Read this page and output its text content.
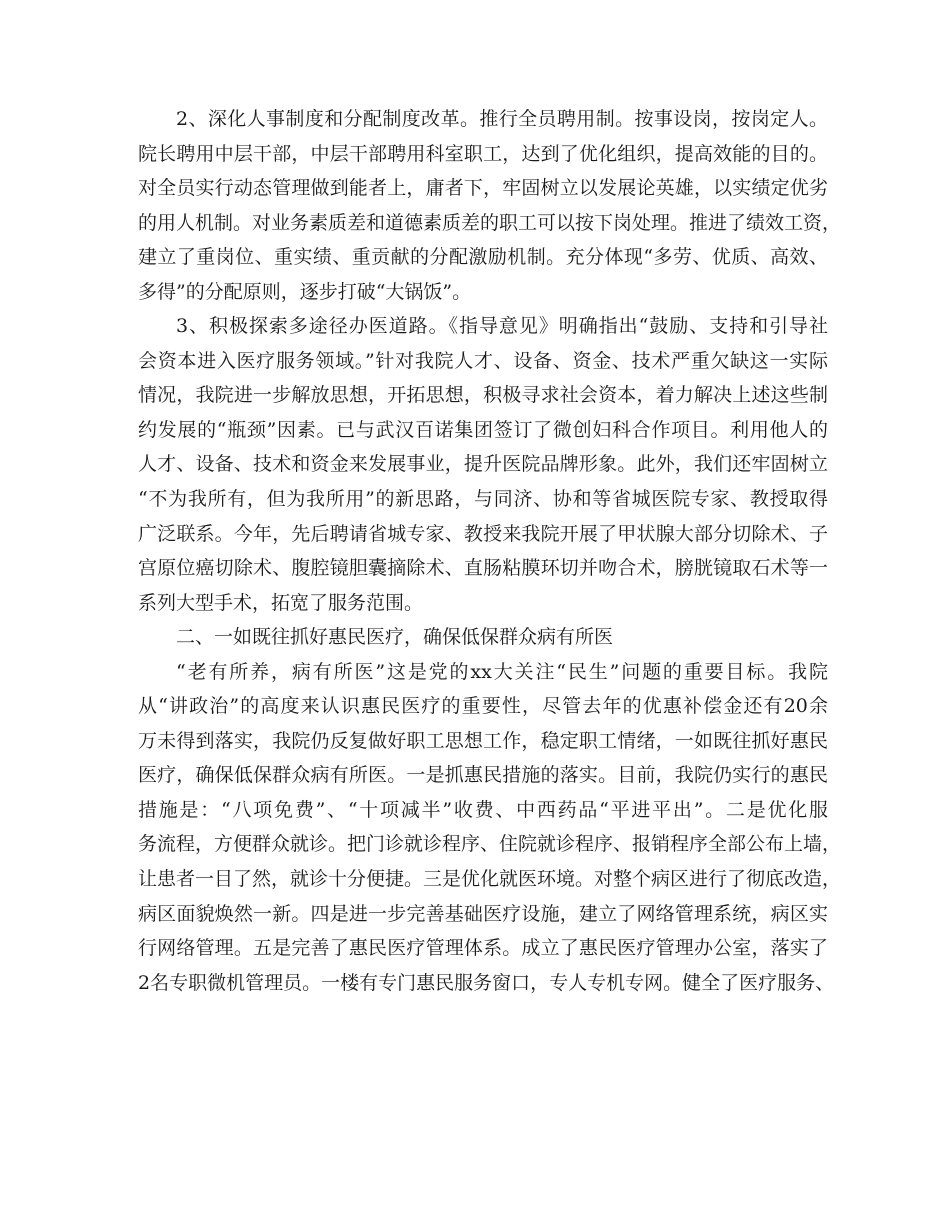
2、深化人事制度和分配制度改革。推行全员聘用制。按事设岗，按岗定人。
院长聘用中层干部，中层干部聘用科室职工，达到了优化组织，提高效能的目的。
对全员实行动态管理做到能者上，庸者下，牢固树立以发展论英雄，以实绩定优劣
的用人机制。对业务素质差和道德素质差的职工可以按下岗处理。推进了绩效工资，
建立了重岗位、重实绩、重贡献的分配激励机制。充分体现“多劳、优质、高效、
多得”的分配原则，逐步打破“大锅饭”。
3、积极探索多途径办医道路。《指导意见》明确指出“鼓励、支持和引导社
会资本进入医疗服务领域。”针对我院人才、设备、资金、技术严重欠缺这一实际
情况，我院进一步解放思想，开拓思想，积极寻求社会资本，着力解决上述这些制
约发展的“瓶颈”因素。已与武汉百诺集团签订了微创妇科合作项目。利用他人的
人才、设备、技术和资金来发展事业，提升医院品牌形象。此外，我们还牢固树立
“不为我所有，但为我所用”的新思路，与同济、协和等省城医院专家、教授取得
广泛联系。今年，先后聘请省城专家、教授来我院开展了甲状腺大部分切除术、子
宫原位癌切除术、腹腔镜胆囊摘除术、直肠粘膜环切并吻合术，膀胱镜取石术等一
系列大型手术，拓宽了服务范围。
二、一如既往抓好惠民医疗，确保低保群众病有所医
“老有所养，病有所医”这是党的xx大关注“民生”问题的重要目标。我院
从“讲政治”的高度来认识惠民医疗的重要性，尽管去年的优惠补偿金还有20余
万未得到落实，我院仍反复做好职工思想工作，稳定职工情绪，一如既往抓好惠民
医疗，确保低保群众病有所医。一是抓惠民措施的落实。目前，我院仍实行的惠民
措施是：“八项免费”、“十项减半”收费、中西药品“平进平出”。二是优化服
务流程，方便群众就诊。把门诊就诊程序、住院就诊程序、报销程序全部公布上墙，
让患者一目了然，就诊十分便捷。三是优化就医环境。对整个病区进行了彻底改造，
病区面貌焕然一新。四是进一步完善基础医疗设施，建立了网络管理系统，病区实
行网络管理。五是完善了惠民医疗管理体系。成立了惠民医疗管理办公室，落实了
2名专职微机管理员。一楼有专门惠民服务窗口，专人专机专网。健全了医疗服务、
